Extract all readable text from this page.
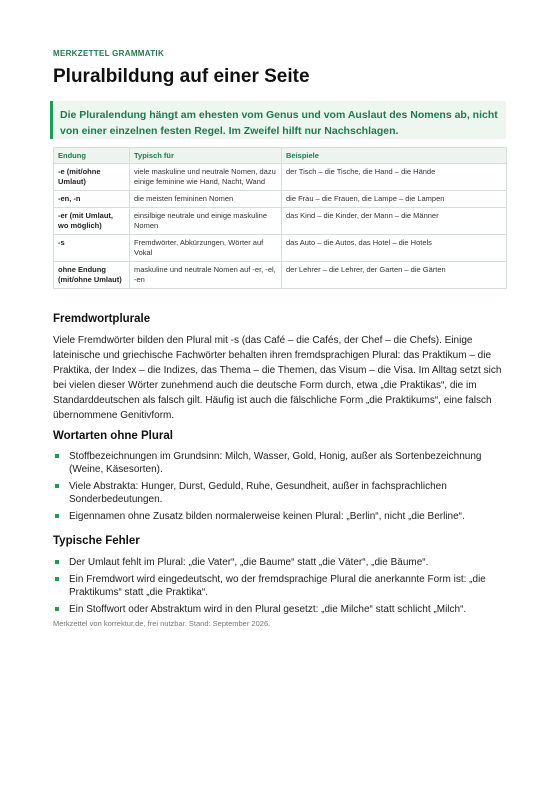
MERKZETTEL GRAMMATIK
Pluralbildung auf einer Seite
Die Pluralendung hängt am ehesten vom Genus und vom Auslaut des Nomens ab, nicht von einer einzelnen festen Regel. Im Zweifel hilft nur Nachschlagen.
Endung	Typisch für	Beispiele
-e (mit/ohne Umlaut)	viele maskuline und neutrale Nomen, dazu einige feminine wie Hand, Nacht, Wand	der Tisch – die Tische, die Hand – die Hände
-en, -n	die meisten femininen Nomen	die Frau – die Frauen, die Lampe – die Lampen
-er (mit Umlaut, wo möglich)	einsilbige neutrale und einige maskuline Nomen	das Kind – die Kinder, der Mann – die Männer
-s	Fremdwörter, Abkürzungen, Wörter auf Vokal	das Auto – die Autos, das Hotel – die Hotels
ohne Endung (mit/ohne Umlaut)	maskuline und neutrale Nomen auf -er, -el, -en	der Lehrer – die Lehrer, der Garten – die Gärten
Fremdwortplurale

Viele Fremdwörter bilden den Plural mit -s (das Café – die Cafés, der Chef – die Chefs). Einige lateinische und griechische Fachwörter behalten ihren fremdsprachigen Plural: das Praktikum – die Praktika, der Index – die Indizes, das Thema – die Themen, das Visum – die Visa. Im Alltag setzt sich bei vielen dieser Wörter zunehmend auch die deutsche Form durch, etwa „die Praktikas“, die im Standarddeutschen als falsch gilt. Häufig ist auch die fälschliche Form „die Praktikums“, eine falsch übernommene Genitivform.

Wortarten ohne Plural
Stoffbezeichnungen im Grundsinn: Milch, Wasser, Gold, Honig, außer als Sortenbezeichnung (Weine, Käsesorten).
Viele Abstrakta: Hunger, Durst, Geduld, Ruhe, Gesundheit, außer in fachsprachlichen Sonderbedeutungen.
Eigennamen ohne Zusatz bilden normalerweise keinen Plural: „Berlin“, nicht „die Berline“.
Typische Fehler
Der Umlaut fehlt im Plural: „die Vater“, „die Baume“ statt „die Väter“, „die Bäume“.
Ein Fremdwort wird eingedeutscht, wo der fremdsprachige Plural die anerkannte Form ist: „die Praktikums“ statt „die Praktika“.
Ein Stoffwort oder Abstraktum wird in den Plural gesetzt: „die Milche“ statt schlicht „Milch“.
Merkzettel von korrektur.de, frei nutzbar. Stand: September 2026.
